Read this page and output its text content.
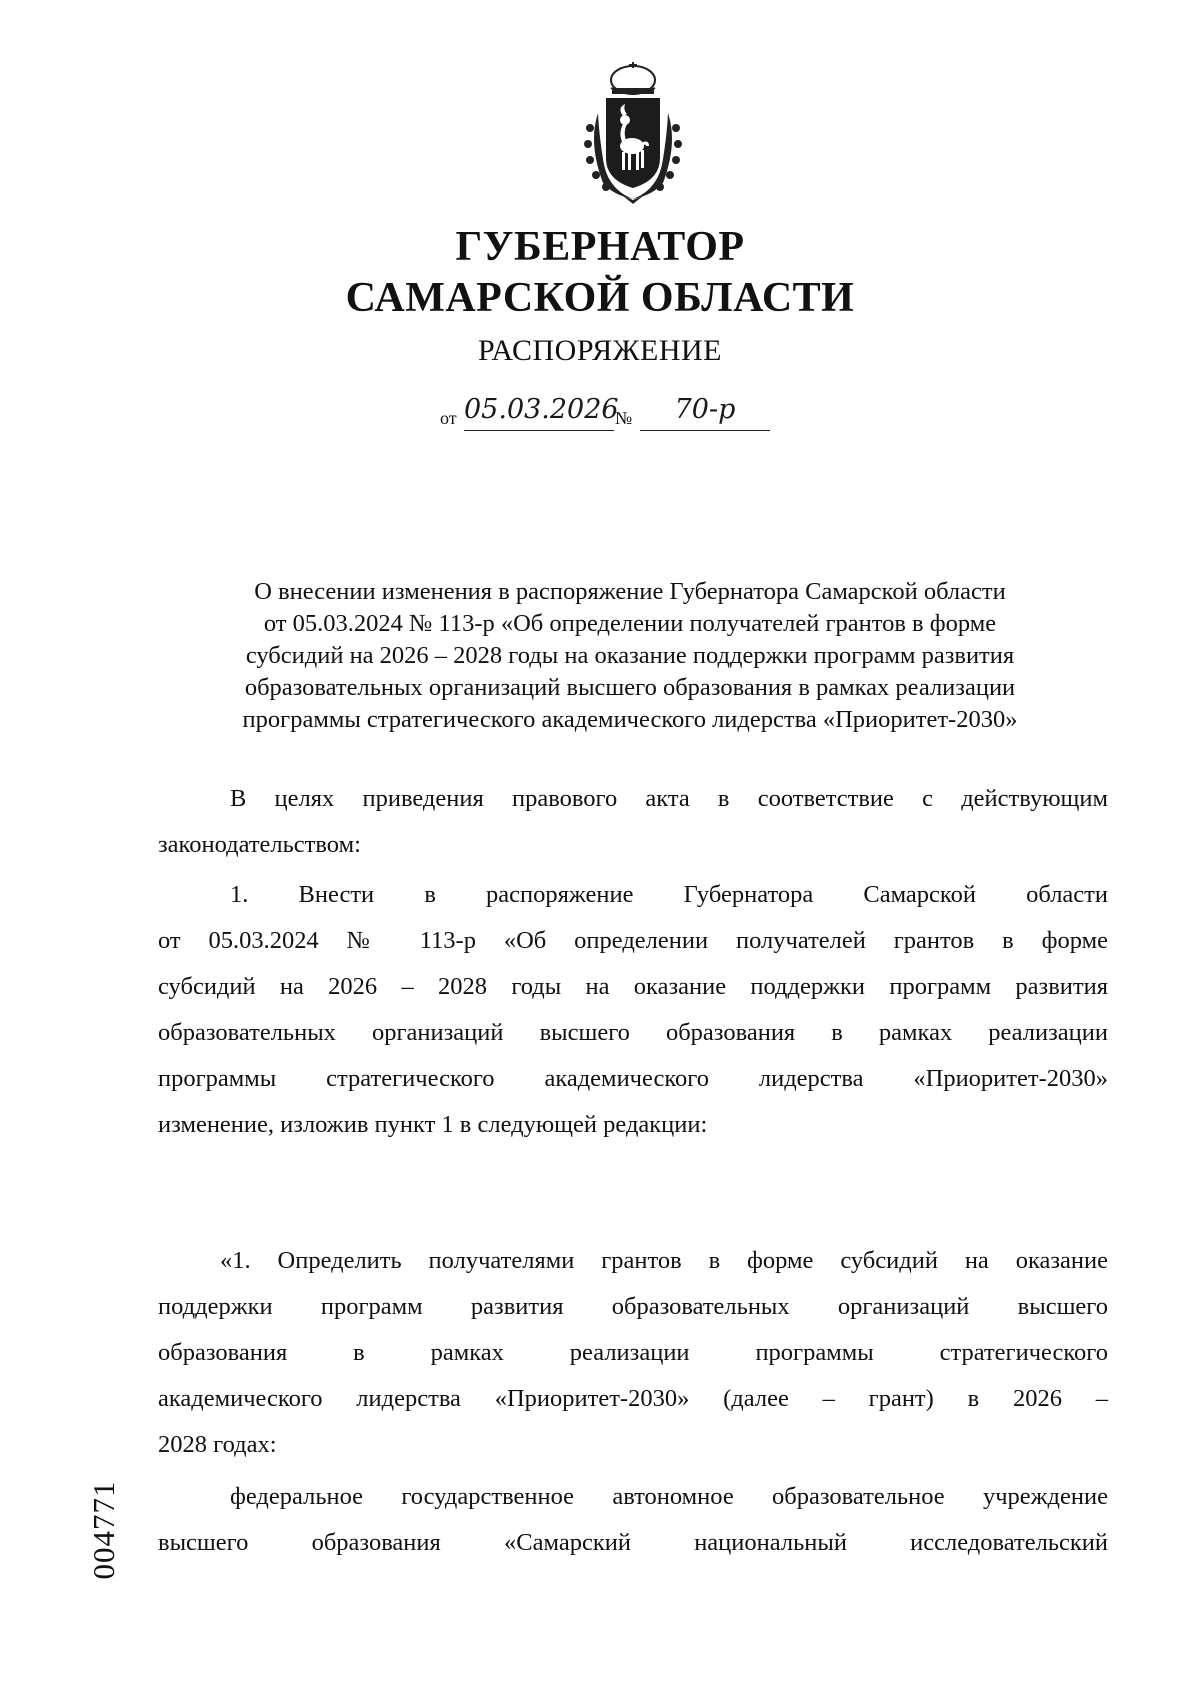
ГУБЕРНАТОР
САМАРСКОЙ ОБЛАСТИ
РАСПОРЯЖЕНИЕ
от 05.03.2026
№	70-р
О внесении изменения в распоряжение Губернатора Самарской области
от 05.03.2024 № 113-р «Об определении получателей грантов в форме
субсидий на 2026 – 2028 годы на оказание поддержки программ развития
образовательных организаций высшего образования в рамках реализации
программы стратегического академического лидерства «Приоритет-2030»
В целях приведения правового акта в соответствие с действующим
законодательством:
1. Внести в распоряжение Губернатора Самарской области
от 05.03.2024 № 113-р «Об определении получателей грантов в форме
субсидий на 2026 – 2028 годы на оказание поддержки программ развития
образовательных организаций высшего образования в рамках реализации
программы стратегического академического лидерства «Приоритет-2030»
изменение, изложив пункт 1 в следующей редакции:
«1. Определить получателями грантов в форме субсидий на оказание
поддержки программ развития образовательных организаций высшего
образования в рамках реализации программы стратегического
академического лидерства «Приоритет-2030» (далее – грант) в 2026 –
2028 годах:
федеральное государственное автономное образовательное учреждение
высшего образования «Самарский национальный исследовательский
004771
